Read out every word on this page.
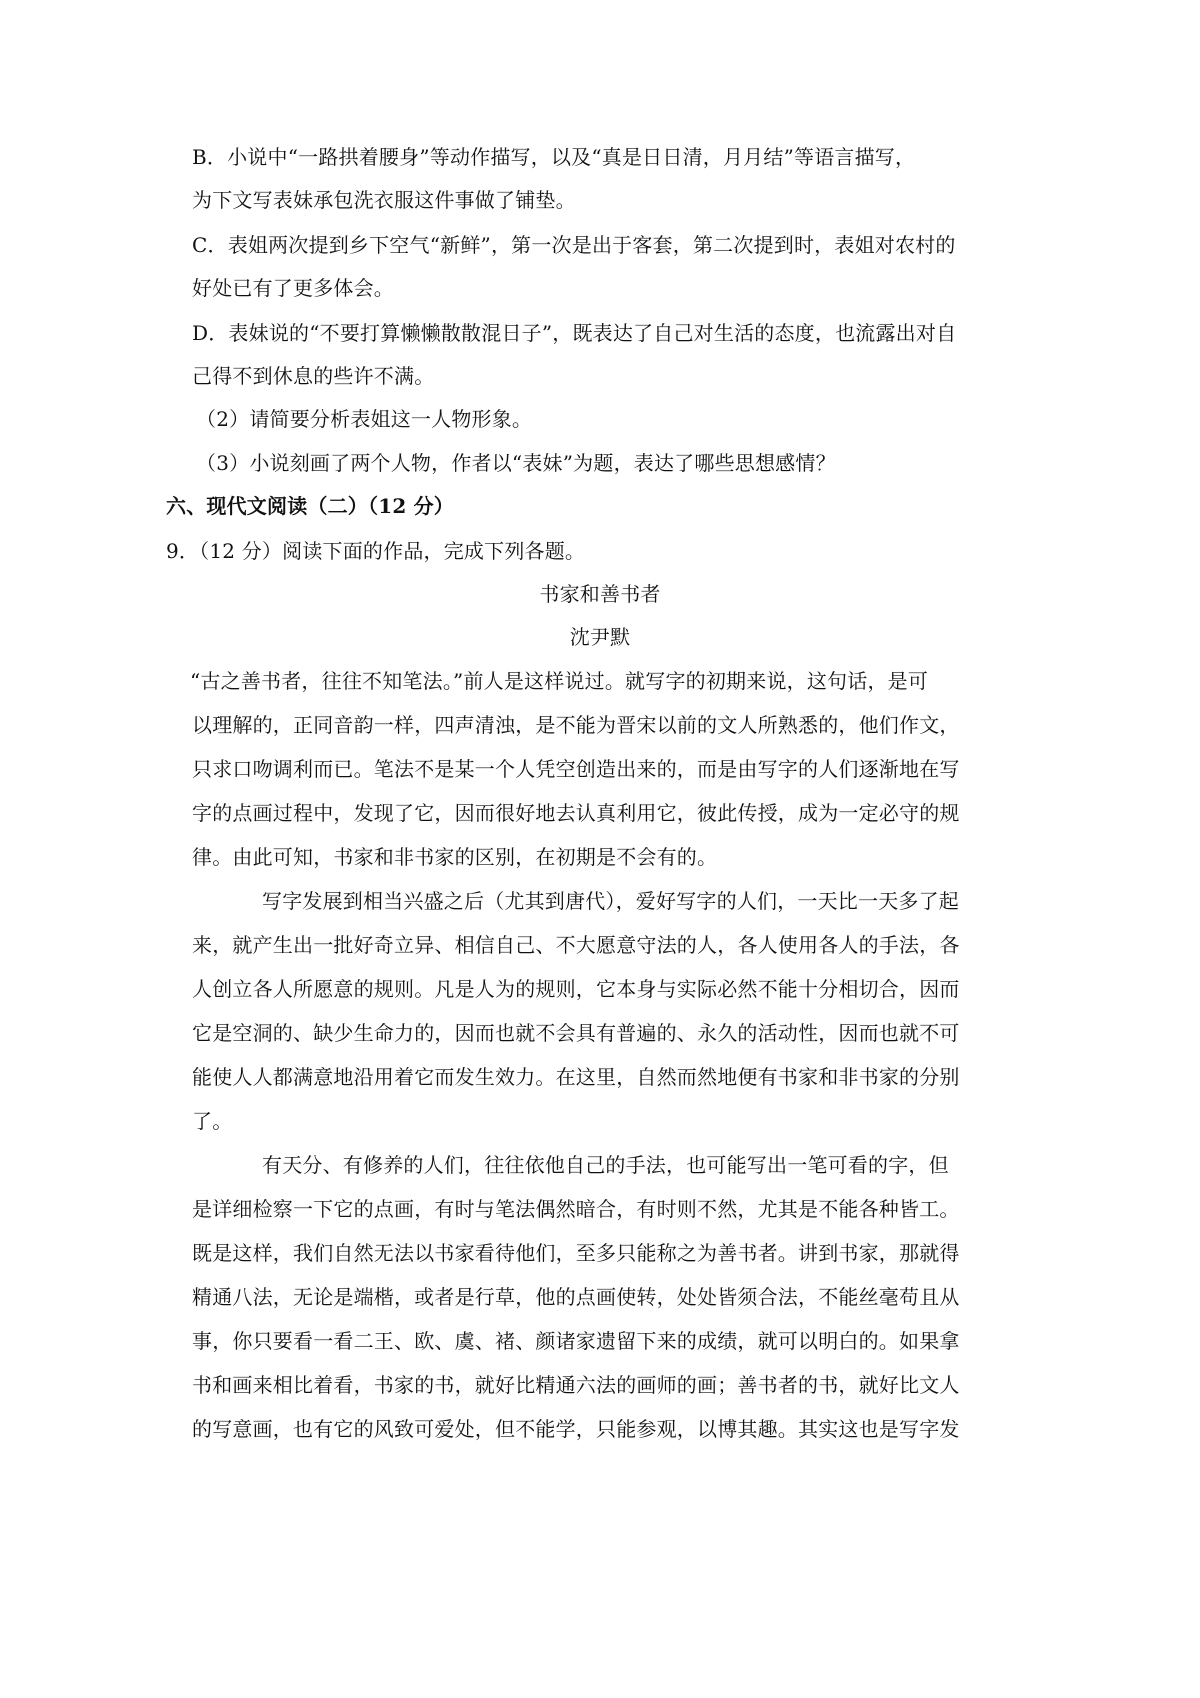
B．小说中“一路拱着腰身”等动作描写，以及“真是日日清，月月结”等语言描写，
为下文写表妹承包洗衣服这件事做了铺垫。
C．表姐两次提到乡下空气“新鲜”，第一次是出于客套，第二次提到时，表姐对农村的
好处已有了更多体会。
D．表妹说的“不要打算懒懒散散混日子”，既表达了自己对生活的态度，也流露出对自
己得不到休息的些许不满。
（2）请简要分析表姐这一人物形象。
（3）小说刻画了两个人物，作者以“表妹”为题，表达了哪些思想感情？
六、现代文阅读（二）（12 分）
9．（12 分）阅读下面的作品，完成下列各题。
书家和善书者
沈尹默
“古之善书者，往往不知笔法。”前人是这样说过。就写字的初期来说，这句话，是可
以理解的，正同音韵一样，四声清浊，是不能为晋宋以前的文人所熟悉的，他们作文，
只求口吻调利而已。笔法不是某一个人凭空创造出来的，而是由写字的人们逐渐地在写
字的点画过程中，发现了它，因而很好地去认真利用它，彼此传授，成为一定必守的规
律。由此可知，书家和非书家的区别，在初期是不会有的。
写字发展到相当兴盛之后（尤其到唐代），爱好写字的人们，一天比一天多了起
来，就产生出一批好奇立异、相信自己、不大愿意守法的人，各人使用各人的手法，各
人创立各人所愿意的规则。凡是人为的规则，它本身与实际必然不能十分相切合，因而
它是空洞的、缺少生命力的，因而也就不会具有普遍的、永久的活动性，因而也就不可
能使人人都满意地沿用着它而发生效力。在这里，自然而然地便有书家和非书家的分别
了。
有天分、有修养的人们，往往依他自己的手法，也可能写出一笔可看的字，但
是详细检察一下它的点画，有时与笔法偶然暗合，有时则不然，尤其是不能各种皆工。
既是这样，我们自然无法以书家看待他们，至多只能称之为善书者。讲到书家，那就得
精通八法，无论是端楷，或者是行草，他的点画使转，处处皆须合法，不能丝毫苟且从
事，你只要看一看二王、欧、虞、褚、颜诸家遗留下来的成绩，就可以明白的。如果拿
书和画来相比着看，书家的书，就好比精通六法的画师的画；善书者的书，就好比文人
的写意画，也有它的风致可爱处，但不能学，只能参观，以博其趣。其实这也是写字发
